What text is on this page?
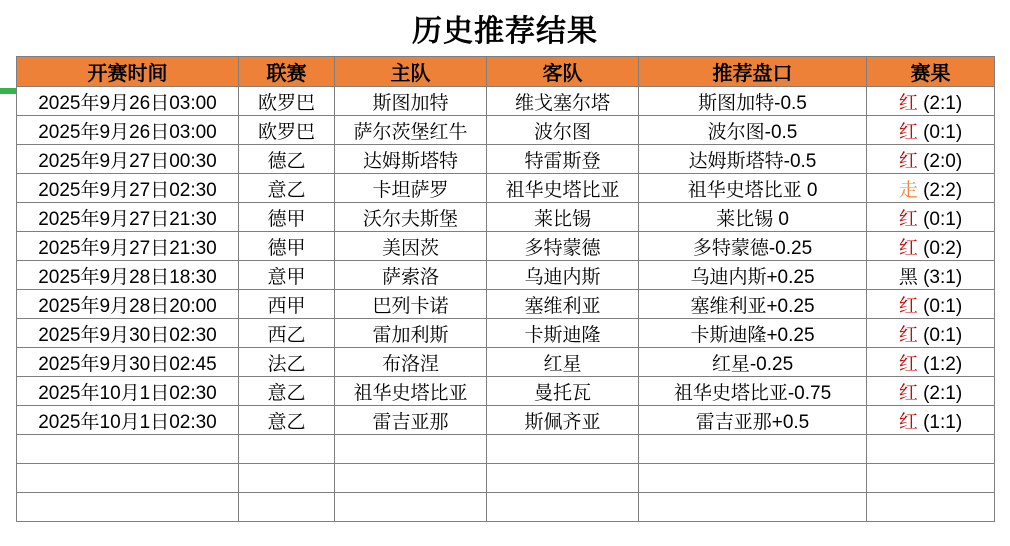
历史推荐结果
开赛时间	联赛	主队	客队	推荐盘口	赛果
2025年9月26日03:00	欧罗巴	斯图加特	维戈塞尔塔	斯图加特-0.5	红 (2:1)
2025年9月26日03:00	欧罗巴	萨尔茨堡红牛	波尔图	波尔图-0.5	红 (0:1)
2025年9月27日00:30	德乙	达姆斯塔特	特雷斯登	达姆斯塔特-0.5	红 (2:0)
2025年9月27日02:30	意乙	卡坦萨罗	祖华史塔比亚	祖华史塔比亚 0	走 (2:2)
2025年9月27日21:30	德甲	沃尔夫斯堡	莱比锡	莱比锡 0	红 (0:1)
2025年9月27日21:30	德甲	美因茨	多特蒙德	多特蒙德-0.25	红 (0:2)
2025年9月28日18:30	意甲	萨索洛	乌迪内斯	乌迪内斯+0.25	黑 (3:1)
2025年9月28日20:00	西甲	巴列卡诺	塞维利亚	塞维利亚+0.25	红 (0:1)
2025年9月30日02:30	西乙	雷加利斯	卡斯迪隆	卡斯迪隆+0.25	红 (0:1)
2025年9月30日02:45	法乙	布洛涅	红星	红星-0.25	红 (1:2)
2025年10月1日02:30	意乙	祖华史塔比亚	曼托瓦	祖华史塔比亚-0.75	红 (2:1)
2025年10月1日02:30	意乙	雷吉亚那	斯佩齐亚	雷吉亚那+0.5	红 (1:1)
